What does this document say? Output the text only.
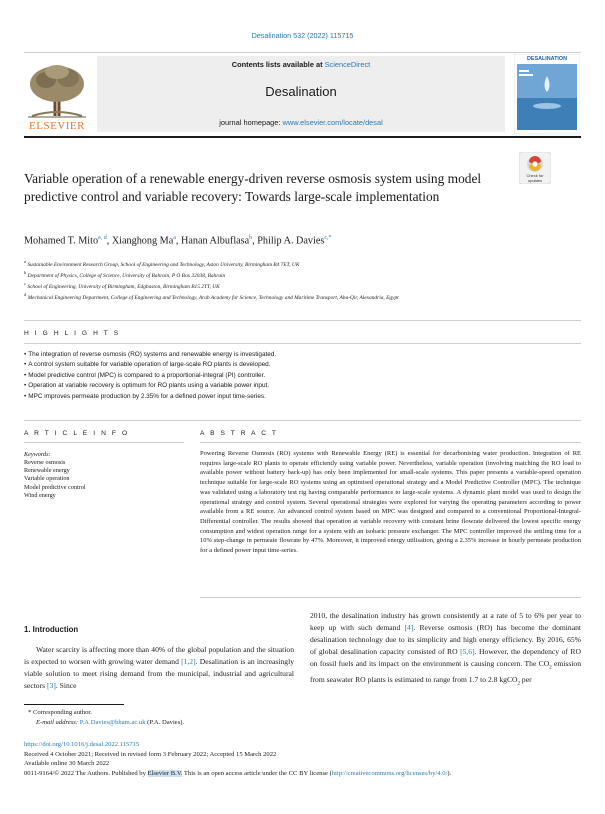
Desalination 532 (2022) 115715
ELSEVIER
Contents lists available at ScienceDirect
Desalination
journal homepage: www.elsevier.com/locate/desal
DESALINATION
Check for updates
Variable operation of a renewable energy-driven reverse osmosis system using model predictive control and variable recovery: Towards large-scale implementation
Mohamed T. Mito$^{a, d}$, Xianghong Ma$^a$, Hanan Albuflasa$^b$, Philip A. Davies$^{c,*}$
$^a$ Sustainable Environment Research Group, School of Engineering and Technology, Aston University, Birmingham B4 7ET, UK
$^b$ Department of Physics, College of Science, University of Bahrain, P O Box 32038, Bahrain
$^c$ School of Engineering, University of Birmingham, Edgbaston, Birmingham B15 2TT, UK
$^d$ Mechanical Engineering Department, College of Engineering and Technology, Arab Academy for Science, Technology and Maritime Transport, Abu-Qir, Alexandria, Egypt
H I G H L I G H T S
• The integration of reverse osmosis (RO) systems and renewable energy is investigated.
• A control system suitable for variable operation of large-scale RO plants is developed.
• Model predictive control (MPC) is compared to a proportional-integral (PI) controller.
• Operation at variable recovery is optimum for RO plants using a variable power input.
• MPC improves permeate production by 2.35% for a defined power input time-series.
A R T I C L E I N F O	A B S T R A C T
Keywords:
Reverse osmosis
Renewable energy
Variable operation
Model predictive control
Wind energy
Powering Reverse Osmosis (RO) systems with Renewable Energy (RE) is essential for decarbonising water production. Integration of RE requires large-scale RO plants to operate efficiently using variable power. Nevertheless, variable operation (involving matching the RO load to available power without battery back-up) has only been implemented for small-scale systems. This paper presents a variable-speed operation technique suitable for large-scale RO systems using an optimised operational strategy and a Model Predictive Controller (MPC). The technique was validated using a laboratory test rig having comparable performance to large-scale systems. A dynamic plant model was used to design the operational strategy and control system. Several operational strategies were explored for varying the operating parameters according to power available from a RE source. An advanced control system based on MPC was designed and compared to a conventional Proportional-Integral-Differential controller. The results showed that operation at variable recovery with constant brine flowrate delivered the lowest specific energy consumption and widest operation range for a system with an isobaric pressure exchanger. The MPC controller improved the settling time for a 10% step-change in permeate flowrate by 47%. Moreover, it improved energy utilisation, giving a 2.35% increase in hourly permeate production for a defined power input time-series.
1. Introduction
Water scarcity is affecting more than 40% of the global population and the situation is expected to worsen with growing water demand [1,2]. Desalination is an increasingly viable solution to meet rising demand from the municipal, industrial and agricultural sectors [3]. Since
2010, the desalination industry has grown consistently at a rate of 5 to 6% per year to keep up with such demand [4]. Reverse osmosis (RO) has become the dominant desalination technology due to its simplicity and high energy efficiency. By 2016, 65% of global desalination capacity consisted of RO [5,6]. However, the dependency of RO on fossil fuels and its impact on the environment is causing concern. The $CO_2$ emission from seawater RO plants is estimated to range from 1.7 to 2.8 kgCO$_2$ per
* Corresponding author.
E-mail address: P.A.Davies@bham.ac.uk (P.A. Davies).
https://doi.org/10.1016/j.desal.2022.115715
Received 4 October 2021; Received in revised form 3 February 2022; Accepted 15 March 2022
Available online 30 March 2022
0011-9164/© 2022 The Authors. Published by Elsevier B.V. This is an open access article under the CC BY license (http://creativecommons.org/licenses/by/4.0/).
